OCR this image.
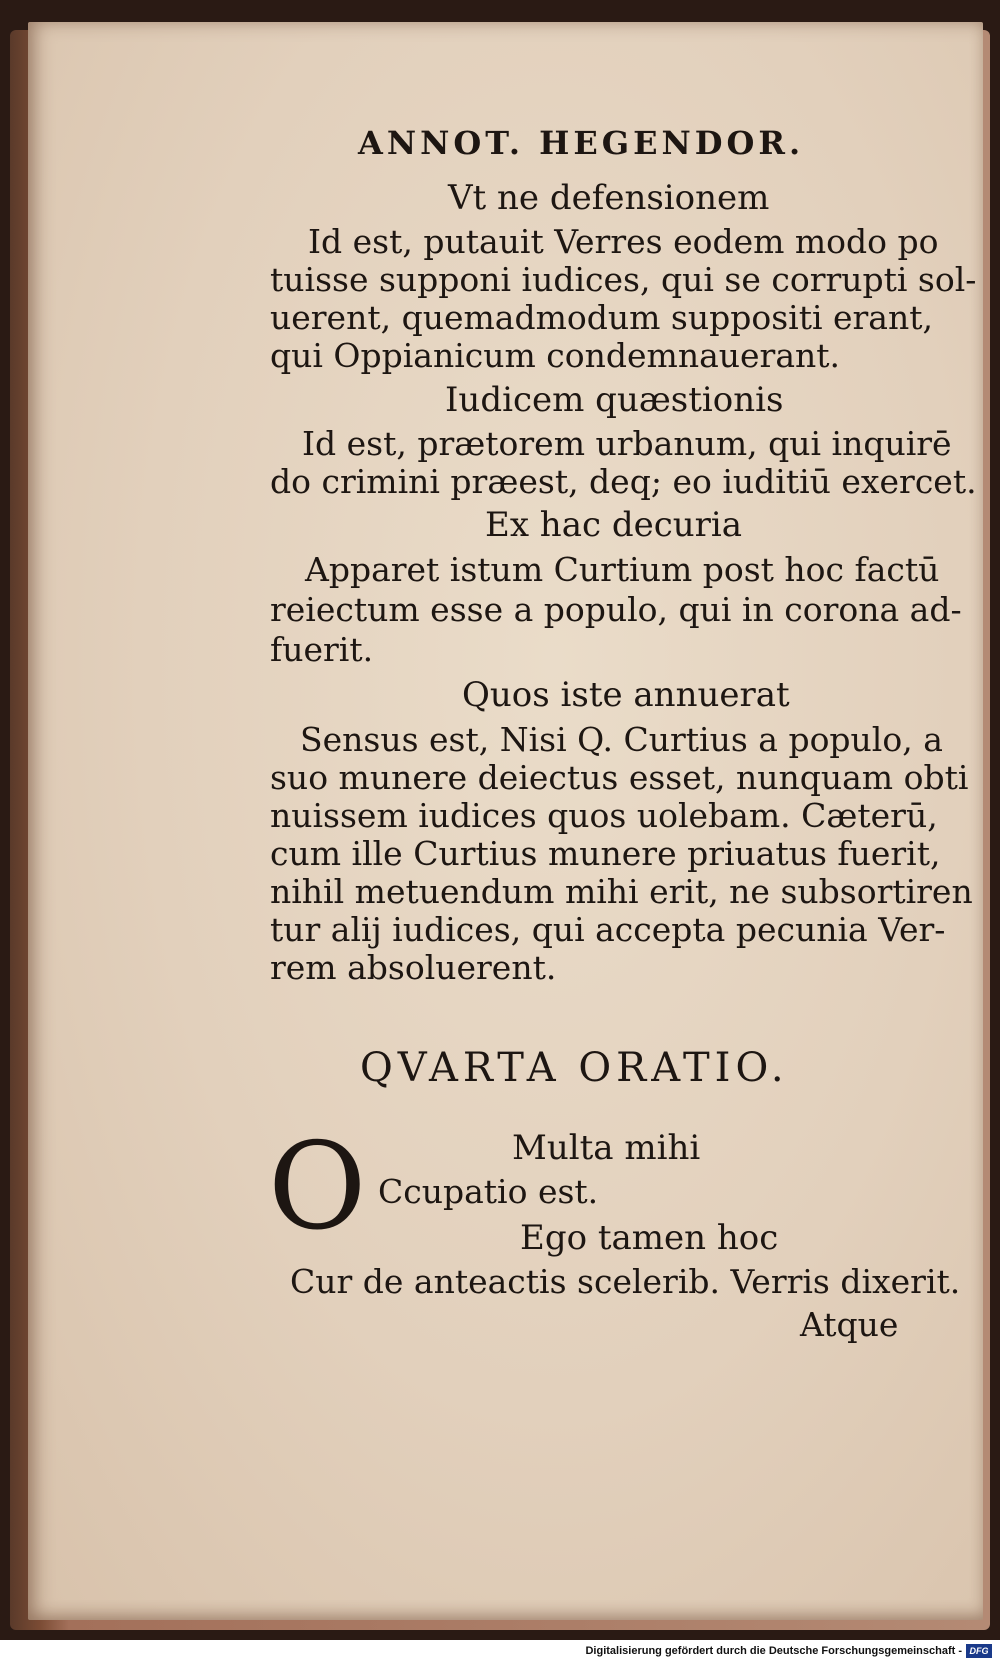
ANNOT. HEGENDOR.
Vt ne defensionem
Id est, putauit Verres eodem modo po
tuisse supponi iudices, qui se corrupti sol-
uerent, quemadmodum suppositi erant,
qui Oppianicum condemnauerant.
Iudicem quæstionis
Id est, prætorem urbanum, qui inquirē
do crimini præest, deq; eo iuditiū exercet.
Ex hac decuria
Apparet istum Curtium post hoc factū
reiectum esse a populo, qui in corona ad-
fuerit.
Quos iste annuerat
Sensus est, Nisi Q. Curtius a populo, a
suo munere deiectus esset, nunquam obti
nuissem iudices quos uolebam. Cæterū,
cum ille Curtius munere priuatus fuerit,
nihil metuendum mihi erit, ne subsortiren
tur alij iudices, qui accepta pecunia Ver-
rem absoluerent.
QVARTA ORATIO.
O	Multa mihi
Ccupatio est.
Ego tamen hoc
Cur de anteactis scelerib. Verris dixerit.
Atque
Digitalisierung gefördert durch die Deutsche Forschungsgemeinschaft - DFG
